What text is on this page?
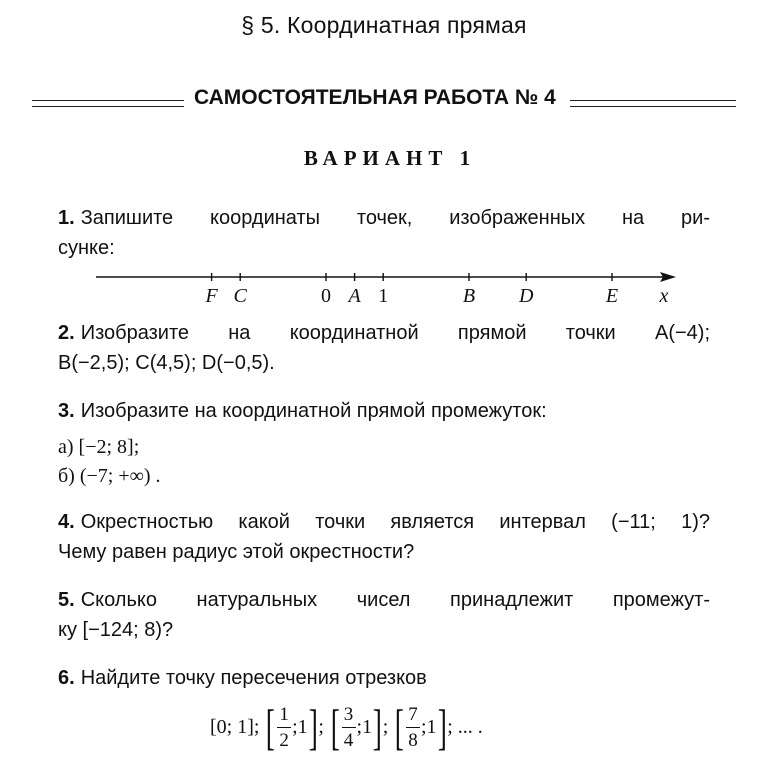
§ 5. Координатная прямая
САМОСТОЯТЕЛЬНАЯ РАБОТА № 4
ВАРИАНТ 1
1. Запишите координаты точек, изображенных на ри-
сунке:
F C	0 A 1	B D	E x
2. Изобразите на координатной прямой точки A(−4);
B(−2,5); C(4,5); D(−0,5).
3. Изобразите на координатной прямой промежуток:
а) [−2; 8];
б) (−7; +∞) .
4. Окрестностью какой точки является интервал (−11; 1)?
Чему равен радиус этой окрестности?
5. Сколько натуральных чисел принадлежит промежут-
ку [−124; 8)?
6. Найдите точку пересечения отрезков
[0; 1]; [ $\frac{1}{2}$ ;1 ] ; [ $\frac{3}{4}$ ;1 ] ; [ $\frac{7}{8}$ ;1 ] ; ... .
